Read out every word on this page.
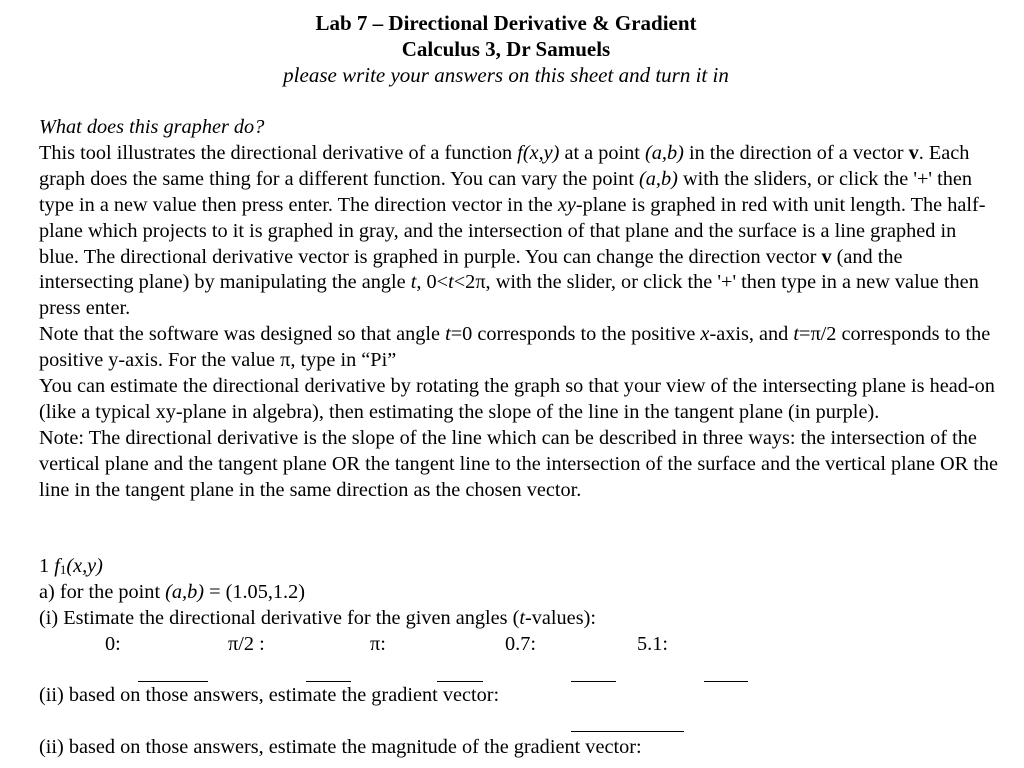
Lab 7 – Directional Derivative & Gradient
Calculus 3, Dr Samuels
please write your answers on this sheet and turn it in

What does this grapher do?

This tool illustrates the directional derivative of a function f(x,y) at a point (a,b) in the direction of a vector v. Each graph does the same thing for a different function. You can vary the point (a,b) with the sliders, or click the '+' then type in a new value then press enter. The direction vector in the xy-plane is graphed in red with unit length. The half-plane which projects to it is graphed in gray, and the intersection of that plane and the surface is a line graphed in blue. The directional derivative vector is graphed in purple. You can change the direction vector v (and the intersecting plane) by manipulating the angle t, 0<t<2π, with the slider, or click the '+' then type in a new value then press enter.

Note that the software was designed so that angle t=0 corresponds to the positive x-axis, and t=π/2 corresponds to the positive y-axis. For the value π, type in “Pi”

You can estimate the directional derivative by rotating the graph so that your view of the intersecting plane is head-on (like a typical xy-plane in algebra), then estimating the slope of the line in the tangent plane (in purple).

Note: The directional derivative is the slope of the line which can be described in three ways: the intersection of the vertical plane and the tangent plane OR the tangent line to the intersection of the surface and the vertical plane OR the line in the tangent plane in the same direction as the chosen vector.

1 $f_1(x,y)$
a) for the point (a,b) = (1.05,1.2)
(i) Estimate the directional derivative for the given angles (t-values):
0:	π/2 :	π:	0.7:	5.1:
(ii) based on those answers, estimate the gradient vector:
(ii) based on those answers, estimate the magnitude of the gradient vector:
